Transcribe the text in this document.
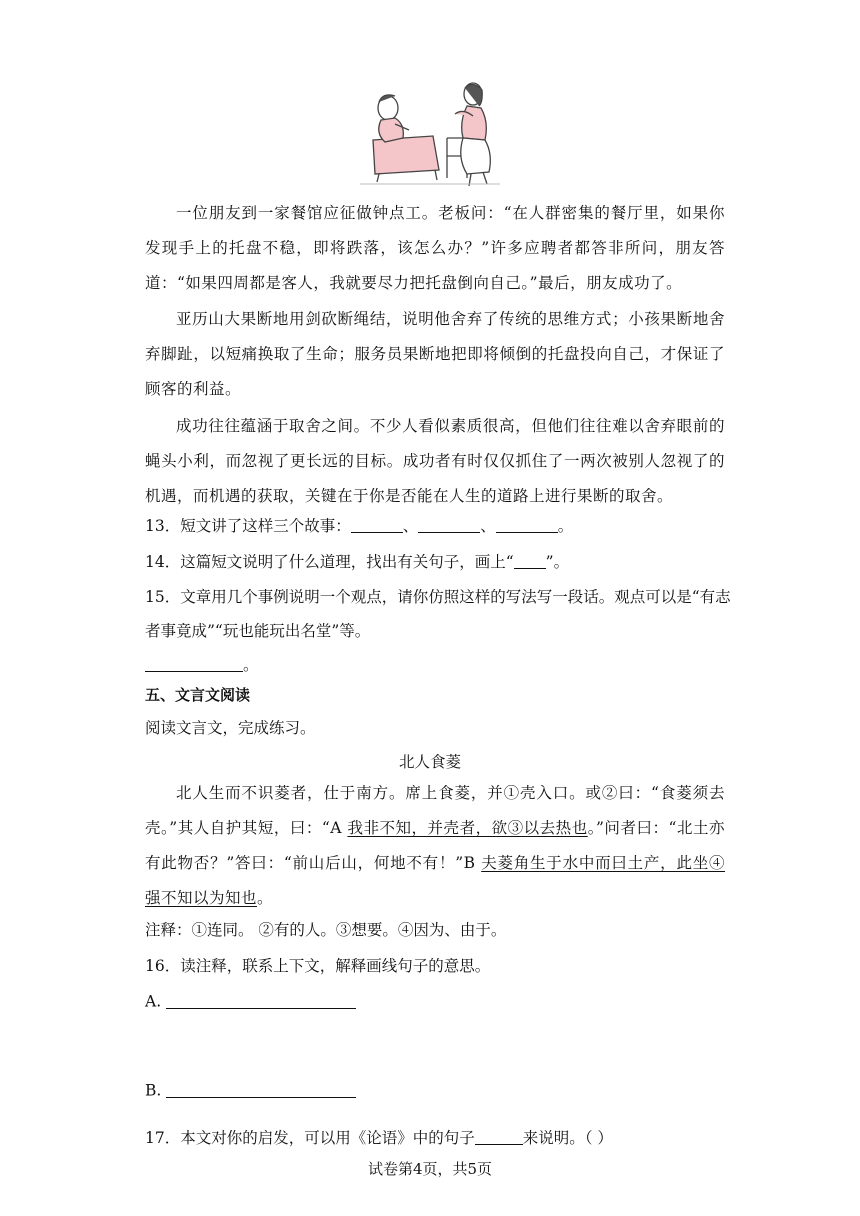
一位朋友到一家餐馆应征做钟点工。老板问：“在人群密集的餐厅里，如果你发现手上的托盘不稳，即将跌落，该怎么办？”许多应聘者都答非所问，朋友答道：“如果四周都是客人，我就要尽力把托盘倒向自己。”最后，朋友成功了。
亚历山大果断地用剑砍断绳结，说明他舍弃了传统的思维方式；小孩果断地舍弃脚趾，以短痛换取了生命；服务员果断地把即将倾倒的托盘投向自己，才保证了顾客的利益。
成功往往蕴涵于取舍之间。不少人看似素质很高，但他们往往难以舍弃眼前的蝇头小利，而忽视了更长远的目标。成功者有时仅仅抓住了一两次被别人忽视了的机遇，而机遇的获取，关键在于你是否能在人生的道路上进行果断的取舍。
13．短文讲了这样三个故事：	、	、	。
14．这篇短文说明了什么道理，找出有关句子，画上“ ”。
15．文章用几个事例说明一个观点，请你仿照这样的写法写一段话。观点可以是“有志
者事竟成”“玩也能玩出名堂”等。
。
五、文言文阅读
阅读文言文，完成练习。
北人食菱
北人生而不识菱者，仕于南方。席上食菱，并①壳入口。或②曰：“食菱须去壳。”其人自护其短，曰：“A 我非不知，并壳者，欲③以去热也。”问者曰：“北土亦有此物否？”答曰：“前山后山，何地不有！”B 夫菱角生于水中而曰土产，此坐④强不知以为知也。
注释：①连同。 ②有的人。③想要。④因为、由于。
16．读注释，联系上下文，解释画线句子的意思。
A.
B.
17．本文对你的启发，可以用《论语》中的句子	来说明。（ ）
试卷第4页，共5页
